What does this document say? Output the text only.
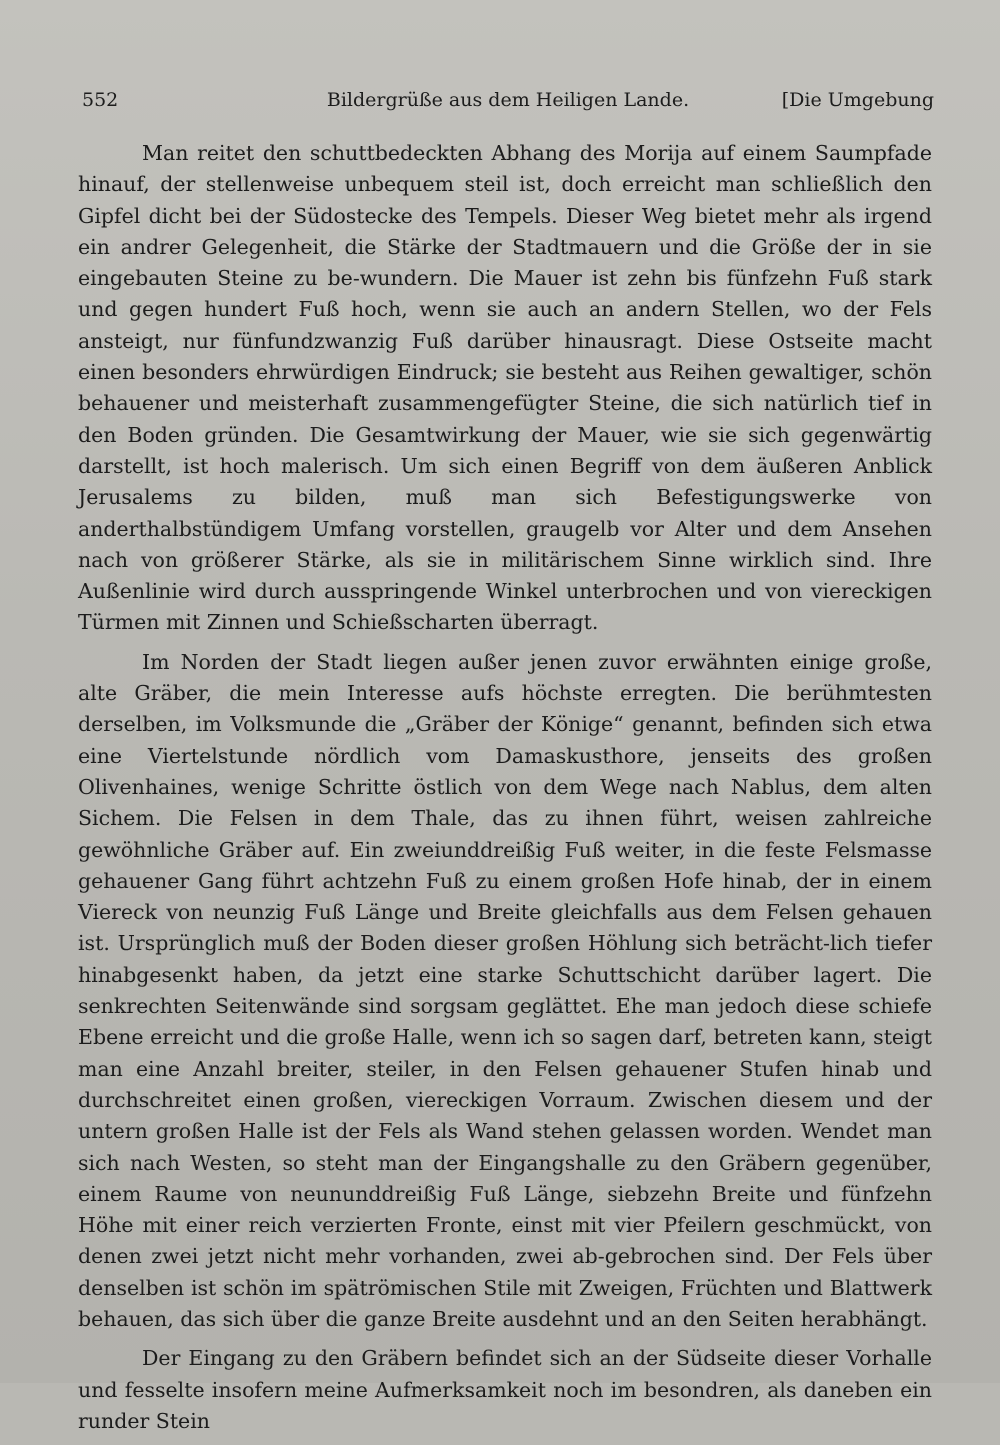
552	Bildergrüße aus dem Heiligen Lande.	[Die Umgebung

Man reitet den schuttbedeckten Abhang des Morija auf einem Saumpfade hinauf, der stellenweise unbequem steil ist, doch erreicht man schließlich den Gipfel dicht bei der Südostecke des Tempels. Dieser Weg bietet mehr als irgend ein andrer Gelegenheit, die Stärke der Stadtmauern und die Größe der in sie eingebauten Steine zu be-wundern. Die Mauer ist zehn bis fünfzehn Fuß stark und gegen hundert Fuß hoch, wenn sie auch an andern Stellen, wo der Fels ansteigt, nur fünfundzwanzig Fuß darüber hinausragt. Diese Ostseite macht einen besonders ehrwürdigen Eindruck; sie besteht aus Reihen gewaltiger, schön behauener und meisterhaft zusammengefügter Steine, die sich natürlich tief in den Boden gründen. Die Gesamtwirkung der Mauer, wie sie sich gegenwärtig darstellt, ist hoch malerisch. Um sich einen Begriff von dem äußeren Anblick Jerusalems zu bilden, muß man sich Befestigungswerke von anderthalbstündigem Umfang vorstellen, graugelb vor Alter und dem Ansehen nach von größerer Stärke, als sie in militärischem Sinne wirklich sind. Ihre Außenlinie wird durch ausspringende Winkel unterbrochen und von viereckigen Türmen mit Zinnen und Schießscharten überragt.

Im Norden der Stadt liegen außer jenen zuvor erwähnten einige große, alte Gräber, die mein Interesse aufs höchste erregten. Die berühmtesten derselben, im Volksmunde die „Gräber der Könige“ genannt, befinden sich etwa eine Viertelstunde nördlich vom Damaskusthore, jenseits des großen Olivenhaines, wenige Schritte östlich von dem Wege nach Nablus, dem alten Sichem. Die Felsen in dem Thale, das zu ihnen führt, weisen zahlreiche gewöhnliche Gräber auf. Ein zweiunddreißig Fuß weiter, in die feste Felsmasse gehauener Gang führt achtzehn Fuß zu einem großen Hofe hinab, der in einem Viereck von neunzig Fuß Länge und Breite gleichfalls aus dem Felsen gehauen ist. Ursprünglich muß der Boden dieser großen Höhlung sich beträcht-lich tiefer hinabgesenkt haben, da jetzt eine starke Schuttschicht darüber lagert. Die senkrechten Seitenwände sind sorgsam geglättet. Ehe man jedoch diese schiefe Ebene erreicht und die große Halle, wenn ich so sagen darf, betreten kann, steigt man eine Anzahl breiter, steiler, in den Felsen gehauener Stufen hinab und durchschreitet einen großen, viereckigen Vorraum. Zwischen diesem und der untern großen Halle ist der Fels als Wand stehen gelassen worden. Wendet man sich nach Westen, so steht man der Eingangshalle zu den Gräbern gegenüber, einem Raume von neununddreißig Fuß Länge, siebzehn Breite und fünfzehn Höhe mit einer reich verzierten Fronte, einst mit vier Pfeilern geschmückt, von denen zwei jetzt nicht mehr vorhanden, zwei ab-gebrochen sind. Der Fels über denselben ist schön im spätrömischen Stile mit Zweigen, Früchten und Blattwerk behauen, das sich über die ganze Breite ausdehnt und an den Seiten herabhängt.

Der Eingang zu den Gräbern befindet sich an der Südseite dieser Vorhalle und fesselte insofern meine Aufmerksamkeit noch im besondren, als daneben ein runder Stein
